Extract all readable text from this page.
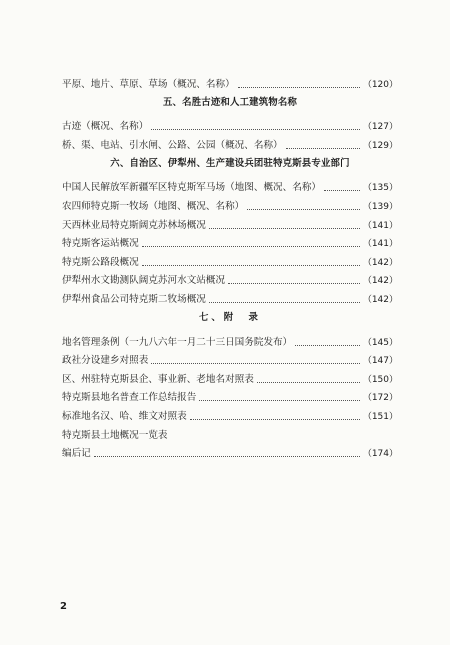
平原、地片、草原、草场（概况、名称）	（120）
五、名胜古迹和人工建筑物名称
古迹（概况、名称）	（127）
桥、渠、电站、引水闸、公路、公园（概况、名称）	（129）
六、自治区、伊犁州、生产建设兵团驻特克斯县专业部门
中国人民解放军新疆军区特克斯军马场（地图、概况、名称）	（135）
农四师特克斯一牧场（地图、概况、名称）	（139）
天西林业局特克斯阔克苏林场概况	（141）
特克斯客运站概况	（141）
特克斯公路段概况	（142）
伊犁州水文勘测队阔克苏河水文站概况	（142）
伊犁州食品公司特克斯二牧场概况	（142）
七、附　录
地名管理条例（一九八六年一月二十三日国务院发布）	（145）
政社分设建乡对照表	（147）
区、州驻特克斯县企、事业新、老地名对照表	（150）
特克斯县地名普查工作总结报告	（172）
标准地名汉、哈、维文对照表	（151）
特克斯县土地概况一览表
编后记	（174）
2
